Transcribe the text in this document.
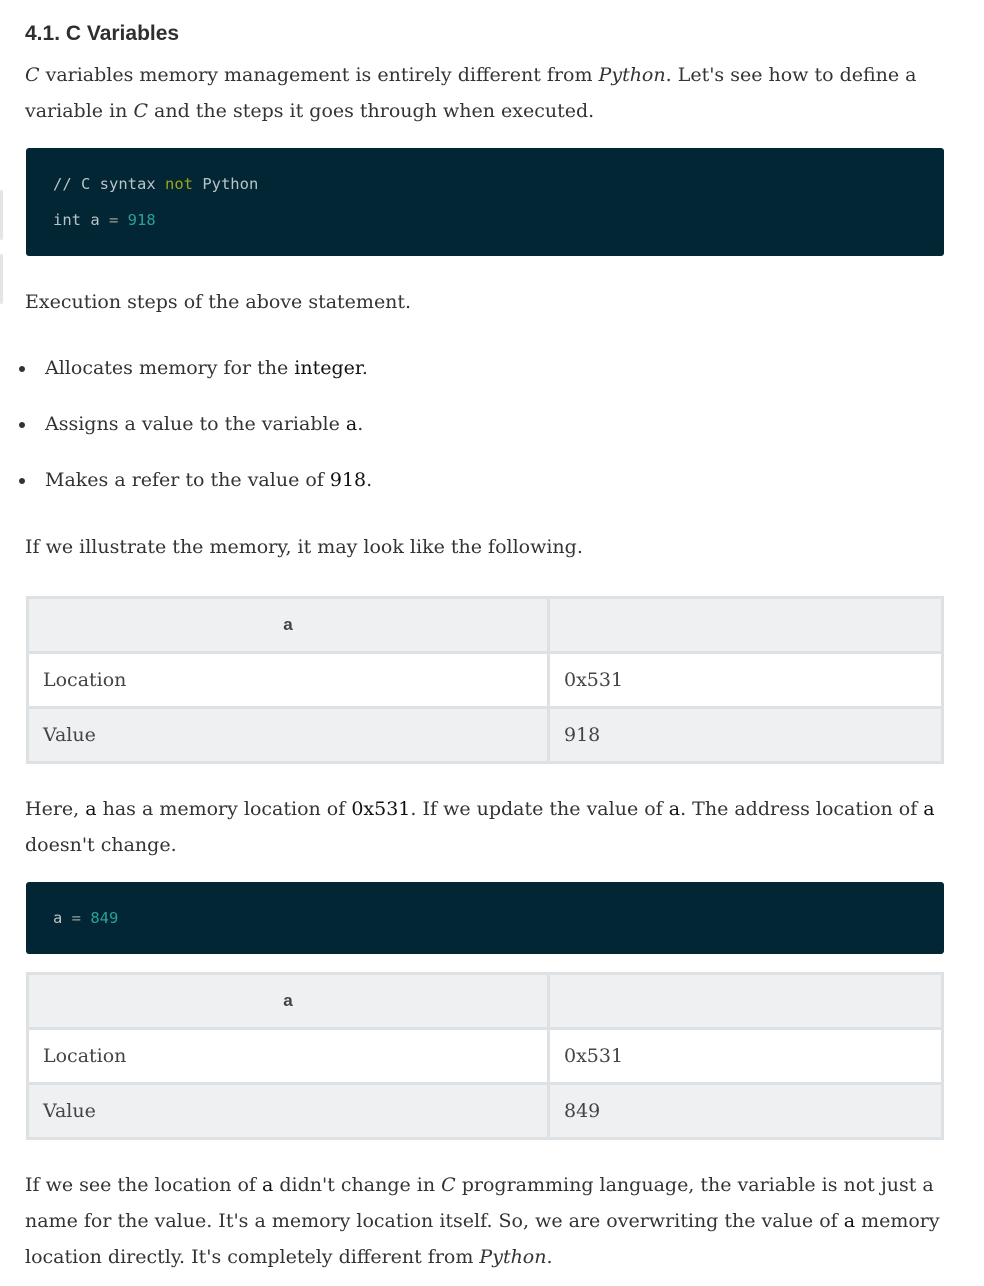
4.1. C Variables

C variables memory management is entirely different from Python. Let's see how to define a variable in C and the steps it goes through when executed.

// C syntax not Python
int a = 918

Execution steps of the above statement.

Allocates memory for the integer.
Assigns a value to the variable a.
Makes a refer to the value of 918.

If we illustrate the memory, it may look like the following.

a	
Location	0x531
Value	918

Here, a has a memory location of 0x531. If we update the value of a. The address location of a doesn't change.

a = 849
a	
Location	0x531
Value	849

If we see the location of a didn't change in C programming language, the variable is not just a name for the value. It's a memory location itself. So, we are overwriting the value of a memory location directly. It's completely different from Python.
